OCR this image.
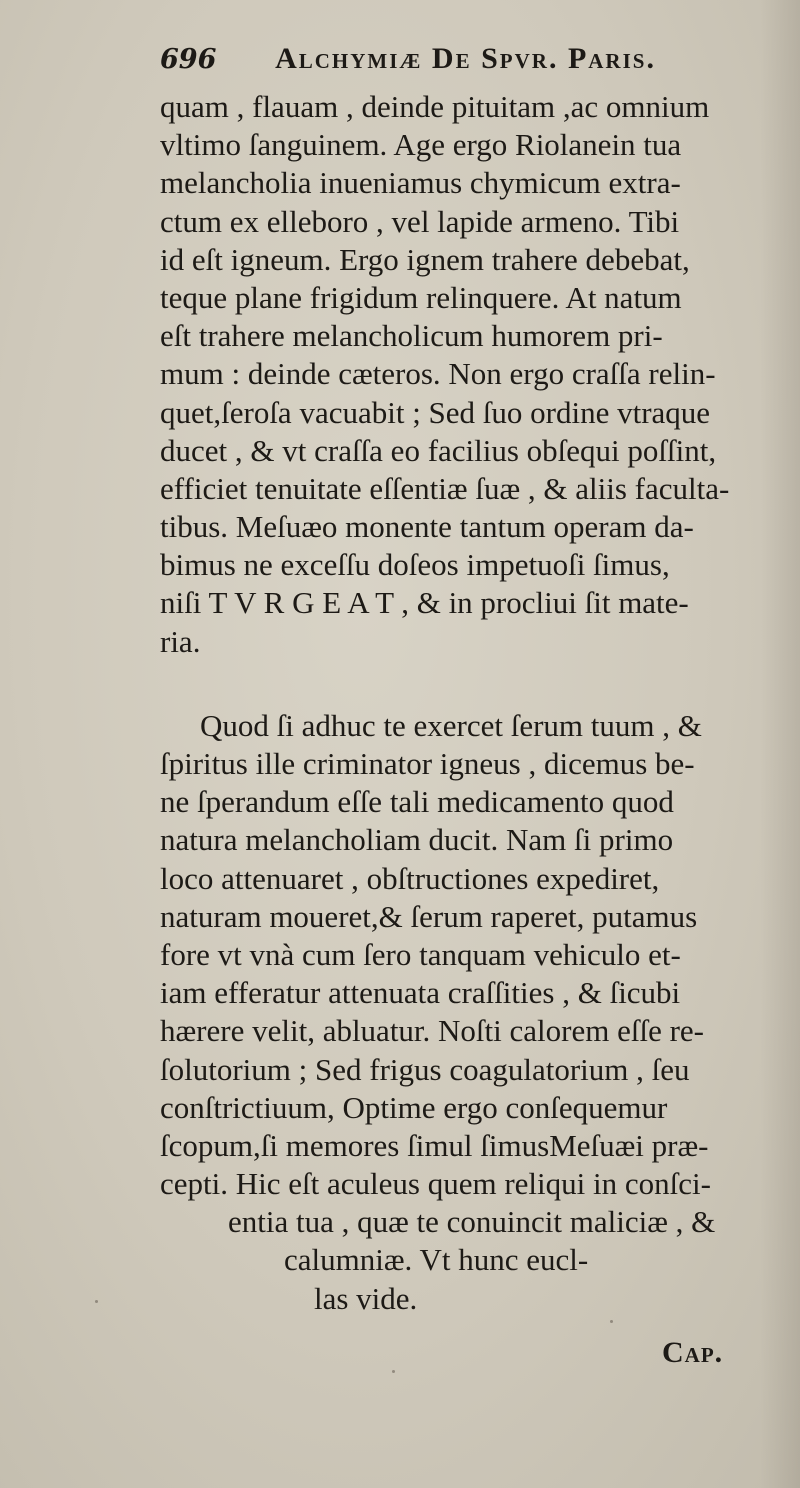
696 Alchymiæ De Spvr. Paris.
quam , flauam , deinde pituitam ,ac omnium
vltimo ſanguinem. Age ergo Riolanein tua
melancholia inueniamus chymicum extra-
ctum ex elleboro , vel lapide armeno. Tibi
id eſt igneum. Ergo ignem trahere debebat,
teque plane frigidum relinquere. At natum
eſt trahere melancholicum humorem pri-
mum : deinde cæteros. Non ergo craſſa relin-
quet,ſeroſa vacuabit ; Sed ſuo ordine vtraque
ducet , & vt craſſa eo facilius obſequi poſſint,
efficiet tenuitate eſſentiæ ſuæ , & aliis faculta-
tibus. Meſuæo monente tantum operam da-
bimus ne exceſſu doſeos impetuoſi ſimus,
niſi T V R G E A T , & in procliui ſit mate-
ria.
Quod ſi adhuc te exercet ſerum tuum , &
ſpiritus ille criminator igneus , dicemus be-
ne ſperandum eſſe tali medicamento quod
natura melancholiam ducit. Nam ſi primo
loco attenuaret , obſtructiones expediret,
naturam moueret,& ſerum raperet, putamus
fore vt vnà cum ſero tanquam vehiculo et-
iam efferatur attenuata craſſities , & ſicubi
hærere velit, abluatur. Noſti calorem eſſe re-
ſolutorium ; Sed frigus coagulatorium , ſeu
conſtrictiuum, Optime ergo conſequemur
ſcopum,ſi memores ſimul ſimusMeſuæi præ-
cepti. Hic eſt aculeus quem reliqui in conſci-
entia tua , quæ te conuincit maliciæ , &
calumniæ. Vt hunc eucl-
las vide.
Cap.
